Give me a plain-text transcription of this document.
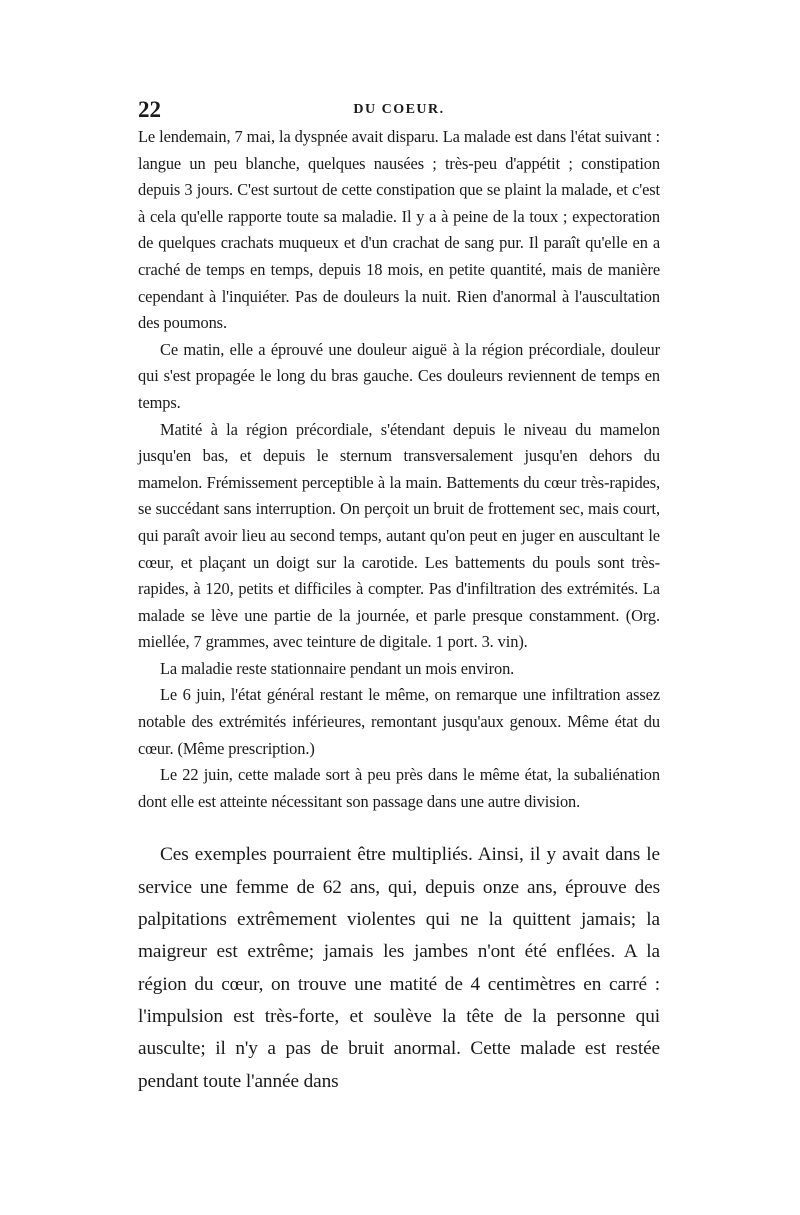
22	DU COEUR.

Le lendemain, 7 mai, la dyspnée avait disparu. La malade est dans l'état suivant : langue un peu blanche, quelques nausées ; très-peu d'appétit ; constipation depuis 3 jours. C'est surtout de cette constipation que se plaint la malade, et c'est à cela qu'elle rapporte toute sa maladie. Il y a à peine de la toux ; expectoration de quelques crachats muqueux et d'un crachat de sang pur. Il paraît qu'elle en a craché de temps en temps, depuis 18 mois, en petite quantité, mais de manière cependant à l'inquiéter. Pas de douleurs la nuit. Rien d'anormal à l'auscultation des poumons.

Ce matin, elle a éprouvé une douleur aiguë à la région précordiale, douleur qui s'est propagée le long du bras gauche. Ces douleurs reviennent de temps en temps.

Matité à la région précordiale, s'étendant depuis le niveau du mamelon jusqu'en bas, et depuis le sternum transversalement jusqu'en dehors du mamelon. Frémissement perceptible à la main. Battements du cœur très-rapides, se succédant sans interruption. On perçoit un bruit de frottement sec, mais court, qui paraît avoir lieu au second temps, autant qu'on peut en juger en auscultant le cœur, et plaçant un doigt sur la carotide. Les battements du pouls sont très-rapides, à 120, petits et difficiles à compter. Pas d'infiltration des extrémités. La malade se lève une partie de la journée, et parle presque constamment. (Org. miellée, 7 grammes, avec teinture de digitale. 1 port. 3. vin).

La maladie reste stationnaire pendant un mois environ.

Le 6 juin, l'état général restant le même, on remarque une infiltration assez notable des extrémités inférieures, remontant jusqu'aux genoux. Même état du cœur. (Même prescription.)

Le 22 juin, cette malade sort à peu près dans le même état, la subaliénation dont elle est atteinte nécessitant son passage dans une autre division.

Ces exemples pourraient être multipliés. Ainsi, il y avait dans le service une femme de 62 ans, qui, depuis onze ans, éprouve des palpitations extrêmement violentes qui ne la quittent jamais; la maigreur est extrême; jamais les jambes n'ont été enflées. A la région du cœur, on trouve une matité de 4 centimètres en carré : l'impulsion est très-forte, et soulève la tête de la personne qui ausculte; il n'y a pas de bruit anormal. Cette malade est restée pendant toute l'année dans
